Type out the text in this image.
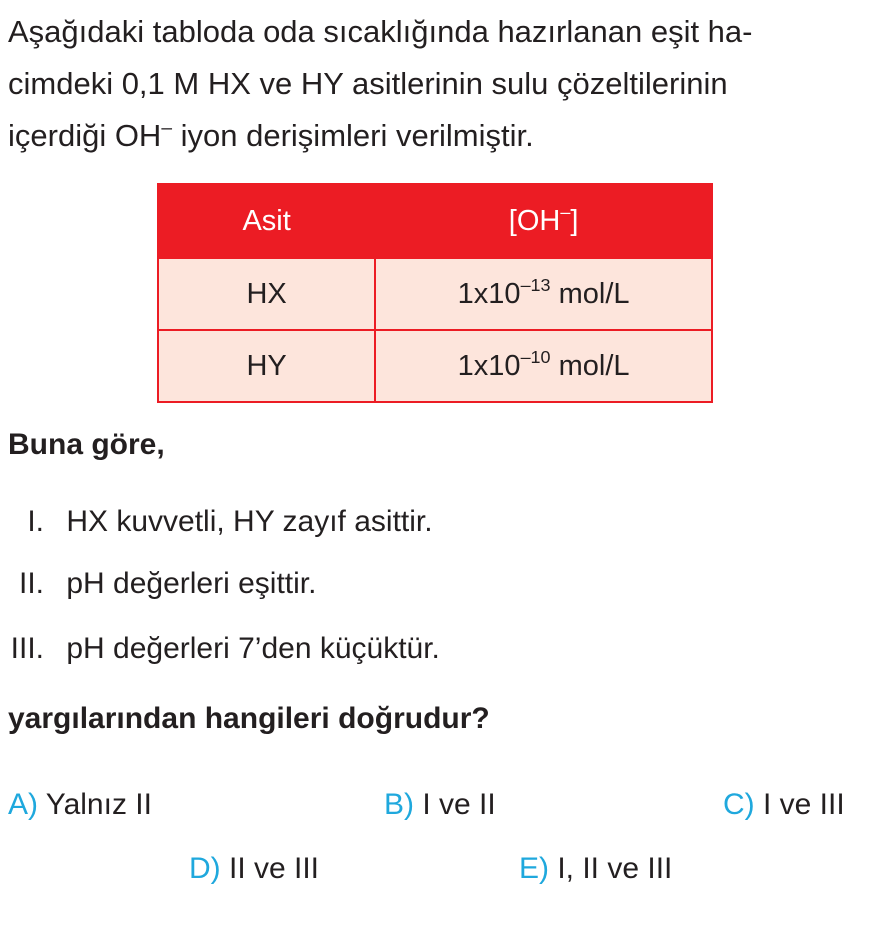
Aşağıdaki tabloda oda sıcaklığında hazırlanan eşit ha-
cimdeki 0,1 M HX ve HY asitlerinin sulu çözeltilerinin
içerdiği OH– iyon derişimleri verilmiştir.

Asit	[OH–]
HX	$1x10^{-13}$ mol/L
HY	$1x10^{-10}$ mol/L

Buna göre,

I. HX kuvvetli, HY zayıf asittir.
II. pH değerleri eşittir.
III. pH değerleri 7’den küçüktür.

yargılarından hangileri doğrudur?

A) Yalnız II	B) I ve II	C) I ve III
D) II ve III	E) I, II ve III
